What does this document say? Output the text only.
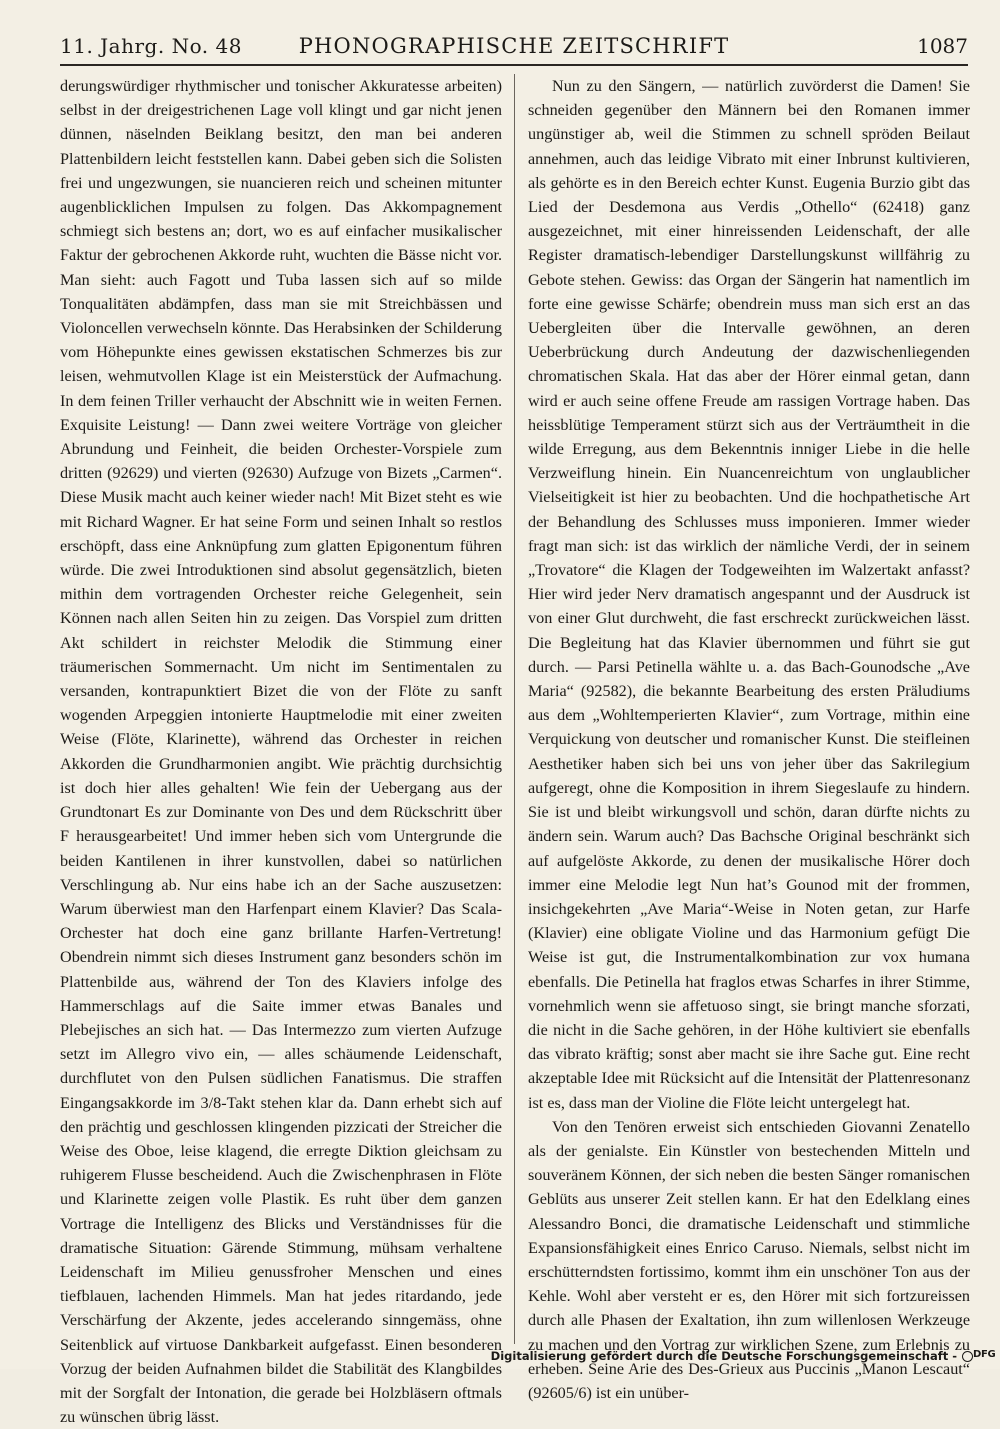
11. Jahrg. No. 48	PHONOGRAPHISCHE ZEITSCHRIFT	1087

derungswürdiger rhythmischer und tonischer Akkuratesse arbeiten) selbst in der dreigestrichenen Lage voll klingt und gar nicht jenen dünnen, näselnden Beiklang besitzt, den man bei anderen Plattenbildern leicht feststellen kann. Dabei geben sich die Solisten frei und ungezwungen, sie nuancieren reich und scheinen mitunter augenblicklichen Impulsen zu folgen. Das Akkompagnement schmiegt sich bestens an; dort, wo es auf einfacher musikalischer Faktur der gebrochenen Akkorde ruht, wuchten die Bässe nicht vor. Man sieht: auch Fagott und Tuba lassen sich auf so milde Tonqualitäten abdämpfen, dass man sie mit Streichbässen und Violoncellen verwechseln könnte. Das Herabsinken der Schilderung vom Höhepunkte eines gewissen ekstatischen Schmerzes bis zur leisen, wehmutvollen Klage ist ein Meisterstück der Aufmachung. In dem feinen Triller verhaucht der Abschnitt wie in weiten Fernen. Exquisite Leistung! — Dann zwei weitere Vorträge von gleicher Abrundung und Feinheit, die beiden Orchester-Vorspiele zum dritten (92629) und vierten (92630) Aufzuge von Bizets „Carmen“. Diese Musik macht auch keiner wieder nach! Mit Bizet steht es wie mit Richard Wagner. Er hat seine Form und seinen Inhalt so restlos erschöpft, dass eine Anknüpfung zum glatten Epigonentum führen würde. Die zwei Introduktionen sind absolut gegensätzlich, bieten mithin dem vortragenden Orchester reiche Gelegenheit, sein Können nach allen Seiten hin zu zeigen. Das Vorspiel zum dritten Akt schildert in reichster Melodik die Stimmung einer träumerischen Sommernacht. Um nicht im Sentimentalen zu versanden, kontrapunktiert Bizet die von der Flöte zu sanft wogenden Arpeggien intonierte Hauptmelodie mit einer zweiten Weise (Flöte, Klarinette), während das Orchester in reichen Akkorden die Grundharmonien angibt. Wie prächtig durchsichtig ist doch hier alles gehalten! Wie fein der Uebergang aus der Grundtonart Es zur Dominante von Des und dem Rückschritt über F herausgearbeitet! Und immer heben sich vom Untergrunde die beiden Kantilenen in ihrer kunstvollen, dabei so natürlichen Verschlingung ab. Nur eins habe ich an der Sache auszusetzen: Warum überwiest man den Harfenpart einem Klavier? Das Scala-Orchester hat doch eine ganz brillante Harfen-Vertretung! Obendrein nimmt sich dieses Instrument ganz besonders schön im Plattenbilde aus, während der Ton des Klaviers infolge des Hammerschlags auf die Saite immer etwas Banales und Plebejisches an sich hat. — Das Intermezzo zum vierten Aufzuge setzt im Allegro vivo ein, — alles schäumende Leidenschaft, durchflutet von den Pulsen südlichen Fanatismus. Die straffen Eingangsakkorde im 3/8-Takt stehen klar da. Dann erhebt sich auf den prächtig und geschlossen klingenden pizzicati der Streicher die Weise des Oboe, leise klagend, die erregte Diktion gleichsam zu ruhigerem Flusse bescheidend. Auch die Zwischenphrasen in Flöte und Klarinette zeigen volle Plastik. Es ruht über dem ganzen Vortrage die Intelligenz des Blicks und Verständnisses für die dramatische Situation: Gärende Stimmung, mühsam verhaltene Leidenschaft im Milieu genussfroher Menschen und eines tiefblauen, lachenden Himmels. Man hat jedes ritardando, jede Verschärfung der Akzente, jedes accelerando sinngemäss, ohne Seitenblick auf virtuose Dankbarkeit aufgefasst. Einen besonderen Vorzug der beiden Aufnahmen bildet die Stabilität des Klangbildes mit der Sorgfalt der Intonation, die gerade bei Holzbläsern oftmals zu wünschen übrig lässt.

Nun zu den Sängern, — natürlich zuvörderst die Damen! Sie schneiden gegenüber den Männern bei den Romanen immer ungünstiger ab, weil die Stimmen zu schnell spröden Beilaut annehmen, auch das leidige Vibrato mit einer Inbrunst kultivieren, als gehörte es in den Bereich echter Kunst. Eugenia Burzio gibt das Lied der Desdemona aus Verdis „Othello“ (62418) ganz ausgezeichnet, mit einer hinreissenden Leidenschaft, der alle Register dramatisch-lebendiger Darstellungskunst willfährig zu Gebote stehen. Gewiss: das Organ der Sängerin hat namentlich im forte eine gewisse Schärfe; obendrein muss man sich erst an das Uebergleiten über die Intervalle gewöhnen, an deren Ueberbrückung durch Andeutung der dazwischenliegenden chromatischen Skala. Hat das aber der Hörer einmal getan, dann wird er auch seine offene Freude am rassigen Vortrage haben. Das heissblütige Temperament stürzt sich aus der Verträumtheit in die wilde Erregung, aus dem Bekenntnis inniger Liebe in die helle Verzweiflung hinein. Ein Nuancenreichtum von unglaublicher Vielseitigkeit ist hier zu beobachten. Und die hochpathetische Art der Behandlung des Schlusses muss imponieren. Immer wieder fragt man sich: ist das wirklich der nämliche Verdi, der in seinem „Trovatore“ die Klagen der Todgeweihten im Walzertakt anfasst? Hier wird jeder Nerv dramatisch angespannt und der Ausdruck ist von einer Glut durchweht, die fast erschreckt zurückweichen lässt. Die Begleitung hat das Klavier übernommen und führt sie gut durch. — Parsi Petinella wählte u. a. das Bach-Gounodsche „Ave Maria“ (92582), die bekannte Bearbeitung des ersten Präludiums aus dem „Wohltemperierten Klavier“, zum Vortrage, mithin eine Verquickung von deutscher und romanischer Kunst. Die steifleinen Aesthetiker haben sich bei uns von jeher über das Sakrilegium aufgeregt, ohne die Komposition in ihrem Siegeslaufe zu hindern. Sie ist und bleibt wirkungsvoll und schön, daran dürfte nichts zu ändern sein. Warum auch? Das Bachsche Original beschränkt sich auf aufgelöste Akkorde, zu denen der musikalische Hörer doch immer eine Melodie legt Nun hat’s Gounod mit der frommen, insichgekehrten „Ave Maria“-Weise in Noten getan, zur Harfe (Klavier) eine obligate Violine und das Harmonium gefügt Die Weise ist gut, die Instrumentalkombination zur vox humana ebenfalls. Die Petinella hat fraglos etwas Scharfes in ihrer Stimme, vornehmlich wenn sie affetuoso singt, sie bringt manche sforzati, die nicht in die Sache gehören, in der Höhe kultiviert sie ebenfalls das vibrato kräftig; sonst aber macht sie ihre Sache gut. Eine recht akzeptable Idee mit Rücksicht auf die Intensität der Plattenresonanz ist es, dass man der Violine die Flöte leicht untergelegt hat.

Von den Tenören erweist sich entschieden Giovanni Zenatello als der genialste. Ein Künstler von bestechenden Mitteln und souveränem Können, der sich neben die besten Sänger romanischen Geblüts aus unserer Zeit stellen kann. Er hat den Edelklang eines Alessandro Bonci, die dramatische Leidenschaft und stimmliche Expansionsfähigkeit eines Enrico Caruso. Niemals, selbst nicht im erschütterndsten fortissimo, kommt ihm ein unschöner Ton aus der Kehle. Wohl aber versteht er es, den Hörer mit sich fortzureissen durch alle Phasen der Exaltation, ihn zum willenlosen Werkzeuge zu machen und den Vortrag zur wirklichen Szene, zum Erlebnis zu erheben. Seine Arie des Des-Grieux aus Puccinis „Manon Lescaut“ (92605/6) ist ein unüber-

Digitalisierung gefördert durch die Deutsche Forschungsgemeinschaft - DFG
